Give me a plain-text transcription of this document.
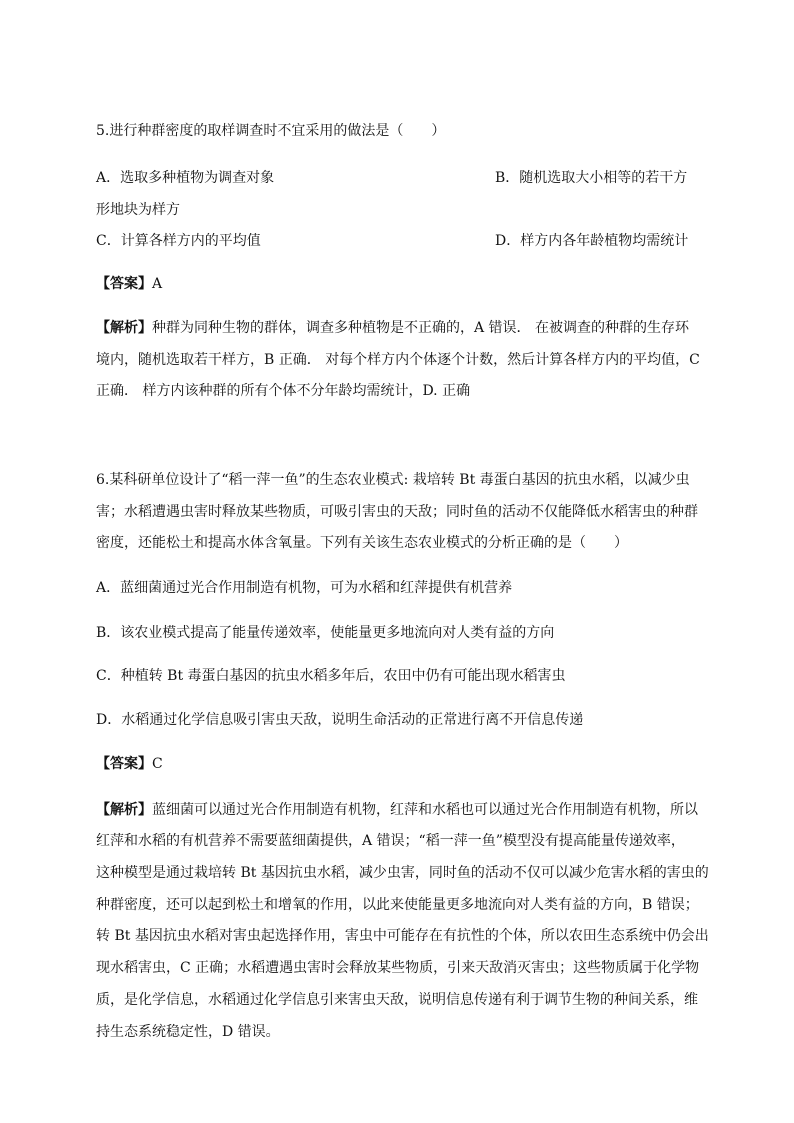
5.进行种群密度的取样调查时不宜采用的做法是（　　）
A．选取多种植物为调查对象	B．随机选取大小相等的若干方
形地块为样方
C．计算各样方内的平均值	D．样方内各年龄植物均需统计
【答案】A
【解析】种群为同种生物的群体，调查多种植物是不正确的，A 错误． 在被调查的种群的生存环
境内，随机选取若干样方，B 正确． 对每个样方内个体逐个计数，然后计算各样方内的平均值，C
正确． 样方内该种群的所有个体不分年龄均需统计，D. 正确
6.某科研单位设计了“稻一萍一鱼”的生态农业模式: 栽培转 Bt 毒蛋白基因的抗虫水稻，以减少虫
害；水稻遭遇虫害时释放某些物质，可吸引害虫的天敌；同时鱼的活动不仅能降低水稻害虫的种群
密度，还能松土和提高水体含氧量。下列有关该生态农业模式的分析正确的是（　　）
A．蓝细菌通过光合作用制造有机物，可为水稻和红萍提供有机营养
B．该农业模式提高了能量传递效率，使能量更多地流向对人类有益的方向
C．种植转 Bt 毒蛋白基因的抗虫水稻多年后，农田中仍有可能出现水稻害虫
D．水稻通过化学信息吸引害虫天敌，说明生命活动的正常进行离不开信息传递
【答案】C
【解析】蓝细菌可以通过光合作用制造有机物，红萍和水稻也可以通过光合作用制造有机物，所以
红萍和水稻的有机营养不需要蓝细菌提供，A 错误；“稻一萍一鱼”模型没有提高能量传递效率，
这种模型是通过栽培转 Bt 基因抗虫水稻，减少虫害，同时鱼的活动不仅可以减少危害水稻的害虫的
种群密度，还可以起到松土和增氧的作用，以此来使能量更多地流向对人类有益的方向，B 错误；
转 Bt 基因抗虫水稻对害虫起选择作用，害虫中可能存在有抗性的个体，所以农田生态系统中仍会出
现水稻害虫，C 正确；水稻遭遇虫害时会释放某些物质，引来天敌消灭害虫；这些物质属于化学物
质，是化学信息，水稻通过化学信息引来害虫天敌，说明信息传递有利于调节生物的种间关系，维
持生态系统稳定性，D 错误。
